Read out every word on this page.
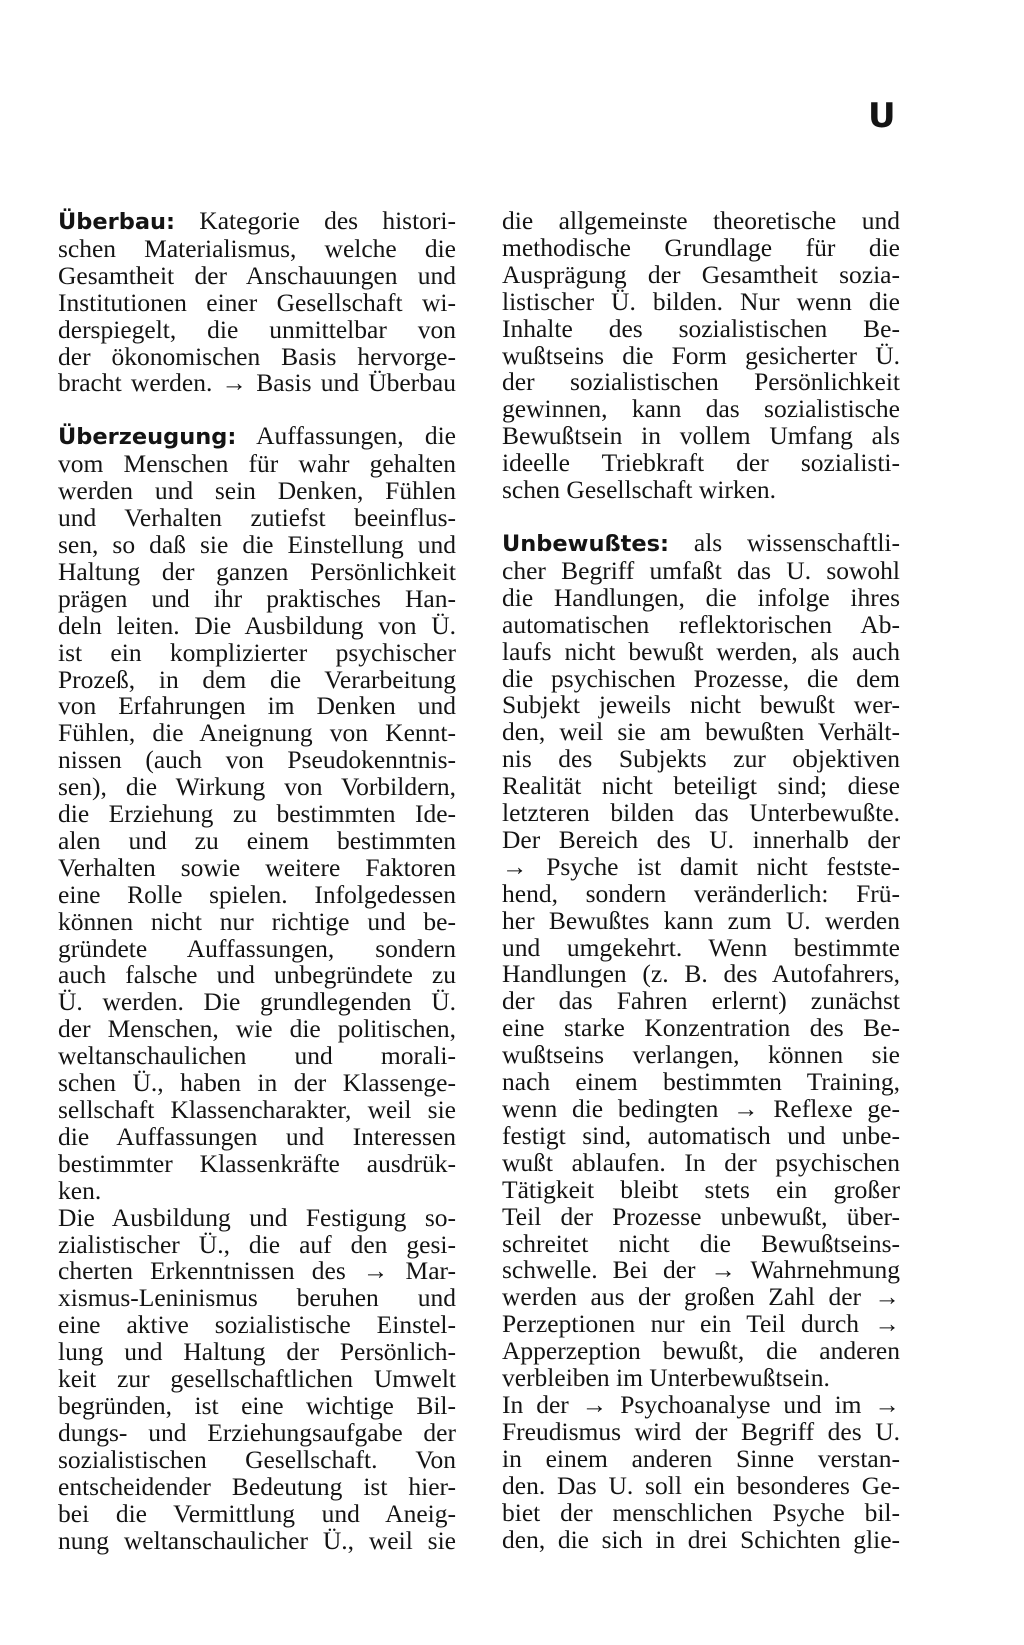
U
Überbau: Kategorie des histori-
schen Materialismus, welche die
Gesamtheit der Anschauungen und
Institutionen einer Gesellschaft wi-
derspiegelt, die unmittelbar von
der ökonomischen Basis hervorge-
bracht werden. → Basis und Überbau
Überzeugung: Auffassungen, die
vom Menschen für wahr gehalten
werden und sein Denken, Fühlen
und Verhalten zutiefst beeinflus-
sen, so daß sie die Einstellung und
Haltung der ganzen Persönlichkeit
prägen und ihr praktisches Han-
deln leiten. Die Ausbildung von Ü.
ist ein komplizierter psychischer
Prozeß, in dem die Verarbeitung
von Erfahrungen im Denken und
Fühlen, die Aneignung von Kennt-
nissen (auch von Pseudokenntnis-
sen), die Wirkung von Vorbildern,
die Erziehung zu bestimmten Ide-
alen und zu einem bestimmten
Verhalten sowie weitere Faktoren
eine Rolle spielen. Infolgedessen
können nicht nur richtige und be-
gründete Auffassungen, sondern
auch falsche und unbegründete zu
Ü. werden. Die grundlegenden Ü.
der Menschen, wie die politischen,
weltanschaulichen und morali-
schen Ü., haben in der Klassenge-
sellschaft Klassencharakter, weil sie
die Auffassungen und Interessen
bestimmter Klassenkräfte ausdrük-
ken.
Die Ausbildung und Festigung so-
zialistischer Ü., die auf den gesi-
cherten Erkenntnissen des → Mar-
xismus-Leninismus beruhen und
eine aktive sozialistische Einstel-
lung und Haltung der Persönlich-
keit zur gesellschaftlichen Umwelt
begründen, ist eine wichtige Bil-
dungs- und Erziehungsaufgabe der
sozialistischen Gesellschaft. Von
entscheidender Bedeutung ist hier-
bei die Vermittlung und Aneig-
nung weltanschaulicher Ü., weil sie
die allgemeinste theoretische und
methodische Grundlage für die
Ausprägung der Gesamtheit sozia-
listischer Ü. bilden. Nur wenn die
Inhalte des sozialistischen Be-
wußtseins die Form gesicherter Ü.
der sozialistischen Persönlichkeit
gewinnen, kann das sozialistische
Bewußtsein in vollem Umfang als
ideelle Triebkraft der sozialisti-
schen Gesellschaft wirken.
Unbewußtes: als wissenschaftli-
cher Begriff umfaßt das U. sowohl
die Handlungen, die infolge ihres
automatischen reflektorischen Ab-
laufs nicht bewußt werden, als auch
die psychischen Prozesse, die dem
Subjekt jeweils nicht bewußt wer-
den, weil sie am bewußten Verhält-
nis des Subjekts zur objektiven
Realität nicht beteiligt sind; diese
letzteren bilden das Unterbewußte.
Der Bereich des U. innerhalb der
→ Psyche ist damit nicht festste-
hend, sondern veränderlich: Frü-
her Bewußtes kann zum U. werden
und umgekehrt. Wenn bestimmte
Handlungen (z. B. des Autofahrers,
der das Fahren erlernt) zunächst
eine starke Konzentration des Be-
wußtseins verlangen, können sie
nach einem bestimmten Training,
wenn die bedingten → Reflexe ge-
festigt sind, automatisch und unbe-
wußt ablaufen. In der psychischen
Tätigkeit bleibt stets ein großer
Teil der Prozesse unbewußt, über-
schreitet nicht die Bewußtseins-
schwelle. Bei der → Wahrnehmung
werden aus der großen Zahl der →
Perzeptionen nur ein Teil durch →
Apperzeption bewußt, die anderen
verbleiben im Unterbewußtsein.
In der → Psychoanalyse und im →
Freudismus wird der Begriff des U.
in einem anderen Sinne verstan-
den. Das U. soll ein besonderes Ge-
biet der menschlichen Psyche bil-
den, die sich in drei Schichten glie-
